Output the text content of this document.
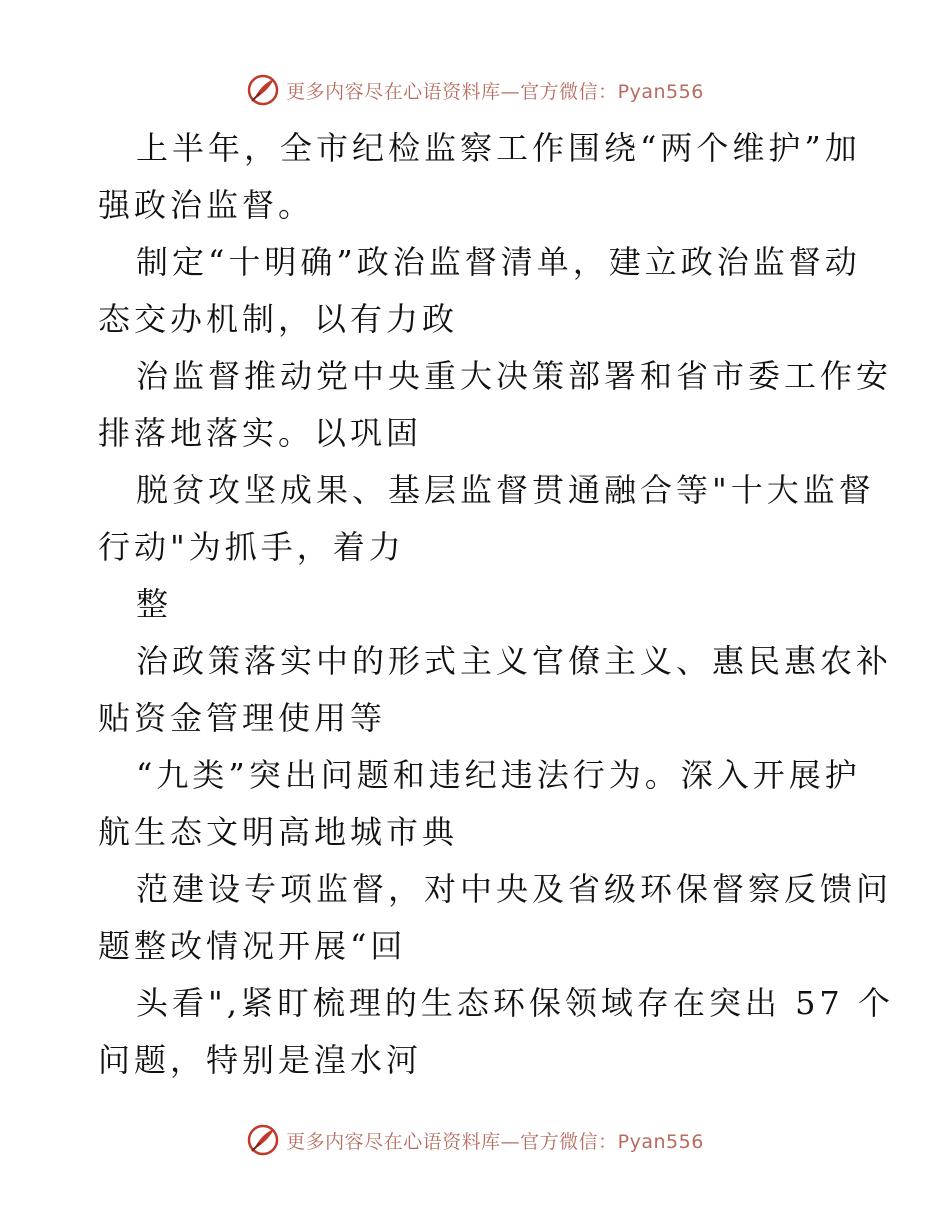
更多内容尽在心语资料库—官方微信：Pyan556
上半年，全市纪检监察工作围绕“两个维护”加
强政治监督。
制定“十明确”政治监督清单，建立政治监督动
态交办机制，以有力政
治监督推动党中央重大决策部署和省市委工作安
排落地落实。以巩固
脱贫攻坚成果、基层监督贯通融合等"十大监督
行动"为抓手，着力
整
治政策落实中的形式主义官僚主义、惠民惠农补
贴资金管理使用等
“九类”突出问题和违纪违法行为。深入开展护
航生态文明高地城市典
范建设专项监督，对中央及省级环保督察反馈问
题整改情况开展“回
头看",紧盯梳理的生态环保领域存在突出 57 个
问题，特别是湟水河
更多内容尽在心语资料库—官方微信：Pyan556
